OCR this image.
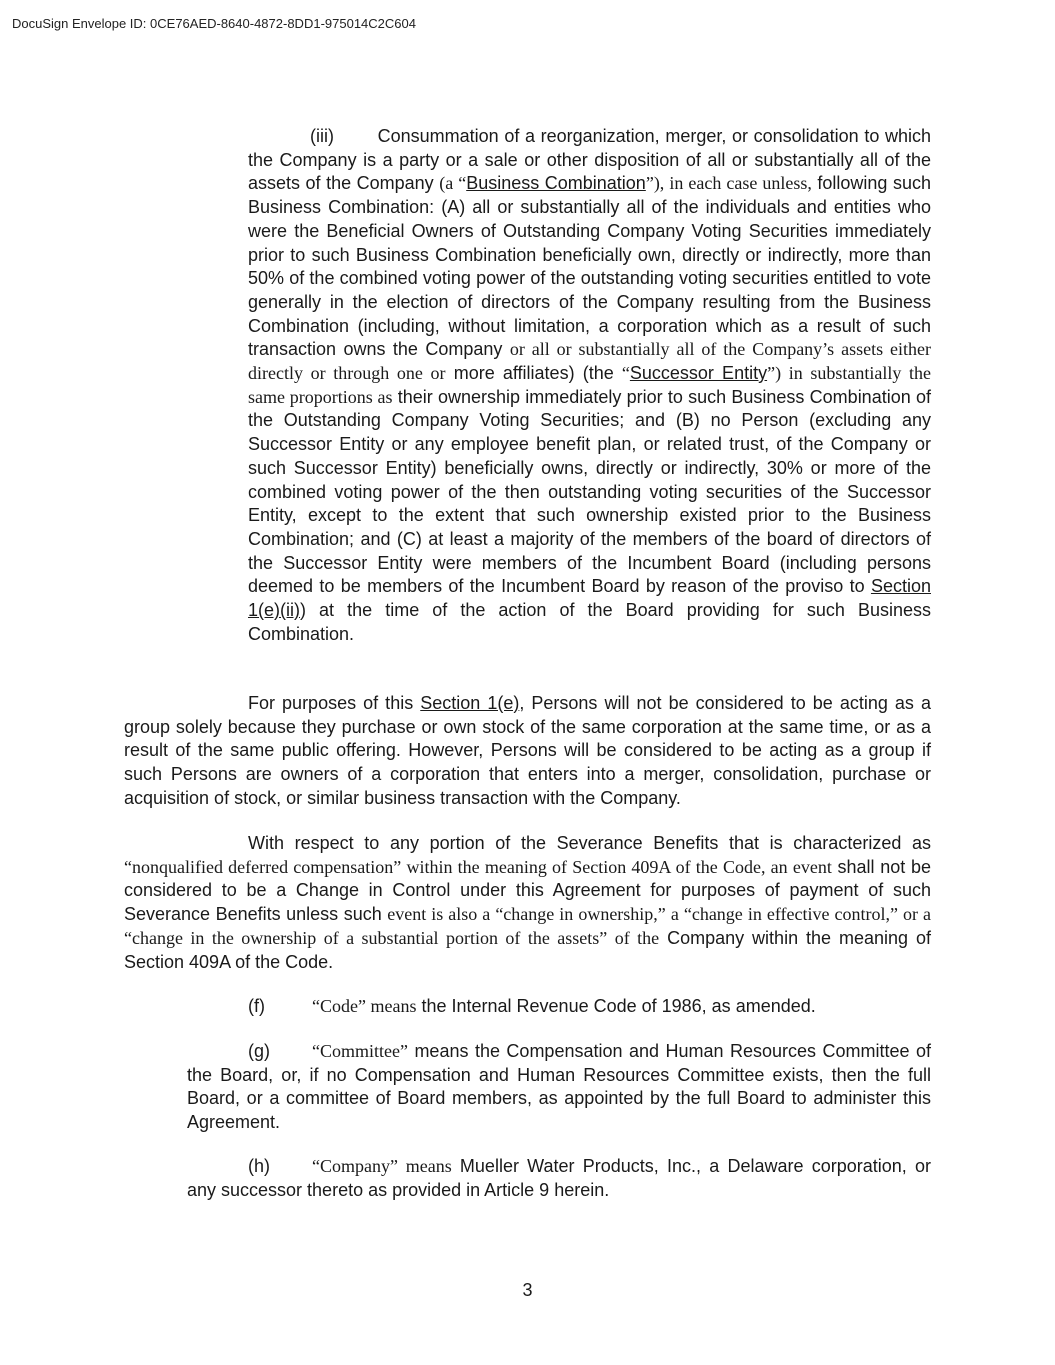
DocuSign Envelope ID: 0CE76AED-8640-4872-8DD1-975014C2C604

(iii) Consummation of a reorganization, merger, or consolidation to which the Company is a party or a sale or other disposition of all or substantially all of the assets of the Company (a “Business Combination”), in each case unless, following such Business Combination: (A) all or substantially all of the individuals and entities who were the Beneficial Owners of Outstanding Company Voting Securities immediately prior to such Business Combination beneficially own, directly or indirectly, more than 50% of the combined voting power of the outstanding voting securities entitled to vote generally in the election of directors of the Company resulting from the Business Combination (including, without limitation, a corporation which as a result of such transaction owns the Company or all or substantially all of the Company’s assets either directly or through one or more affiliates) (the “Successor Entity”) in substantially the same proportions as their ownership immediately prior to such Business Combination of the Outstanding Company Voting Securities; and (B) no Person (excluding any Successor Entity or any employee benefit plan, or related trust, of the Company or such Successor Entity) beneficially owns, directly or indirectly, 30% or more of the combined voting power of the then outstanding voting securities of the Successor Entity, except to the extent that such ownership existed prior to the Business Combination; and (C) at least a majority of the members of the board of directors of the Successor Entity were members of the Incumbent Board (including persons deemed to be members of the Incumbent Board by reason of the proviso to Section 1(e)(ii)) at the time of the action of the Board providing for such Business Combination.

For purposes of this Section 1(e), Persons will not be considered to be acting as a group solely because they purchase or own stock of the same corporation at the same time, or as a result of the same public offering. However, Persons will be considered to be acting as a group if such Persons are owners of a corporation that enters into a merger, consolidation, purchase or acquisition of stock, or similar business transaction with the Company.

With respect to any portion of the Severance Benefits that is characterized as “nonqualified deferred compensation” within the meaning of Section 409A of the Code, an event shall not be considered to be a Change in Control under this Agreement for purposes of payment of such Severance Benefits unless such event is also a “change in ownership,” a “change in effective control,” or a “change in the ownership of a substantial portion of the assets” of the Company within the meaning of Section 409A of the Code.

(f)	“Code” means the Internal Revenue Code of 1986, as amended.

(g) “Committee” means the Compensation and Human Resources Committee of the Board, or, if no Compensation and Human Resources Committee exists, then the full Board, or a committee of Board members, as appointed by the full Board to administer this Agreement.

(h) “Company” means Mueller Water Products, Inc., a Delaware corporation, or any successor thereto as provided in Article 9 herein.

3
